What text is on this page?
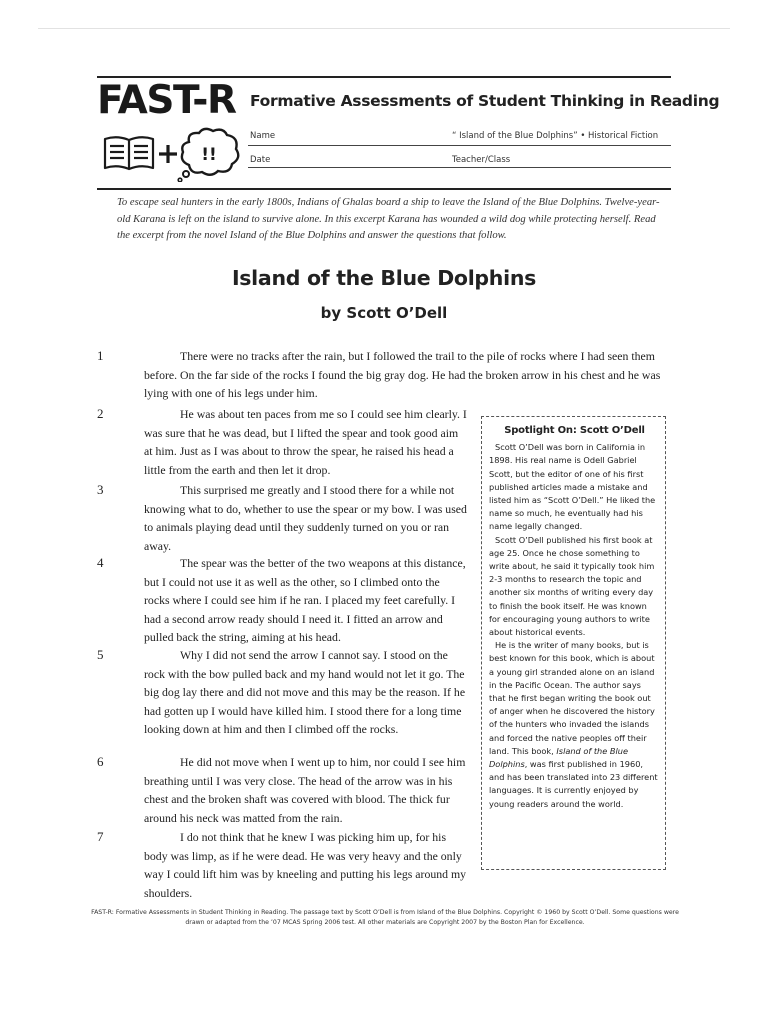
FAST-R Formative Assessments of Student Thinking in Reading
!!
Name	“ Island of the Blue Dolphins” • Historical Fiction
Date	Teacher/Class
To escape seal hunters in the early 1800s, Indians of Ghalas board a ship to leave the Island of the Blue Dolphins. Twelve-year-old Karana is left on the island to survive alone. In this excerpt Karana has wounded a wild dog while protecting herself. Read the excerpt from the novel Island of the Blue Dolphins and answer the questions that follow.
Island of the Blue Dolphins
by Scott O’Dell
1	There were no tracks after the rain, but I followed the trail to the pile of rocks where I had seen them before. On the far side of the rocks I found the big gray dog. He had the broken arrow in his chest and he was lying with one of his legs under him.

2	He was about ten paces from me so I could see him clearly. I was sure that he was dead, but I lifted the spear and took good aim at him. Just as I was about to throw the spear, he raised his head a little from the earth and then let it drop.

3	This surprised me greatly and I stood there for a while not knowing what to do, whether to use the spear or my bow. I was used to animals playing dead until they suddenly turned on you or ran away.

4	The spear was the better of the two weapons at this distance, but I could not use it as well as the other, so I climbed onto the rocks where I could see him if he ran. I placed my feet carefully. I had a second arrow ready should I need it. I fitted an arrow and pulled back the string, aiming at his head.

5	Why I did not send the arrow I cannot say. I stood on the rock with the bow pulled back and my hand would not let it go. The big dog lay there and did not move and this may be the reason. If he had gotten up I would have killed him. I stood there for a long time looking down at him and then I climbed off the rocks.

6	He did not move when I went up to him, nor could I see him breathing until I was very close. The head of the arrow was in his chest and the broken shaft was covered with blood. The thick fur around his neck was matted from the rain.

7	I do not think that he knew I was picking him up, for his body was limp, as if he were dead. He was very heavy and the only way I could lift him was by kneeling and putting his legs around my shoulders.

Spotlight On: Scott O’Dell

Scott O’Dell was born in California in 1898. His real name is Odell Gabriel Scott, but the editor of one of his first published articles made a mistake and listed him as “Scott O’Dell.” He liked the name so much, he eventually had his name legally changed.

Scott O’Dell published his first book at age 25. Once he chose something to write about, he said it typically took him 2-3 months to research the topic and another six months of writing every day to finish the book itself. He was known for encouraging young authors to write about historical events.

He is the writer of many books, but is best known for this book, which is about a young girl stranded alone on an island in the Pacific Ocean. The author says that he first began writing the book out of anger when he discovered the history of the hunters who invaded the islands and forced the native peoples off their land. This book, Island of the Blue Dolphins, was first published in 1960, and has been translated into 23 different languages. It is currently enjoyed by young readers around the world.

FAST-R: Formative Assessments in Student Thinking in Reading. The passage text by Scott O’Dell is from Island of the Blue Dolphins. Copyright © 1960 by Scott O’Dell. Some questions were drawn or adapted from the ’07 MCAS Spring 2006 test. All other materials are Copyright 2007 by the Boston Plan for Excellence.
